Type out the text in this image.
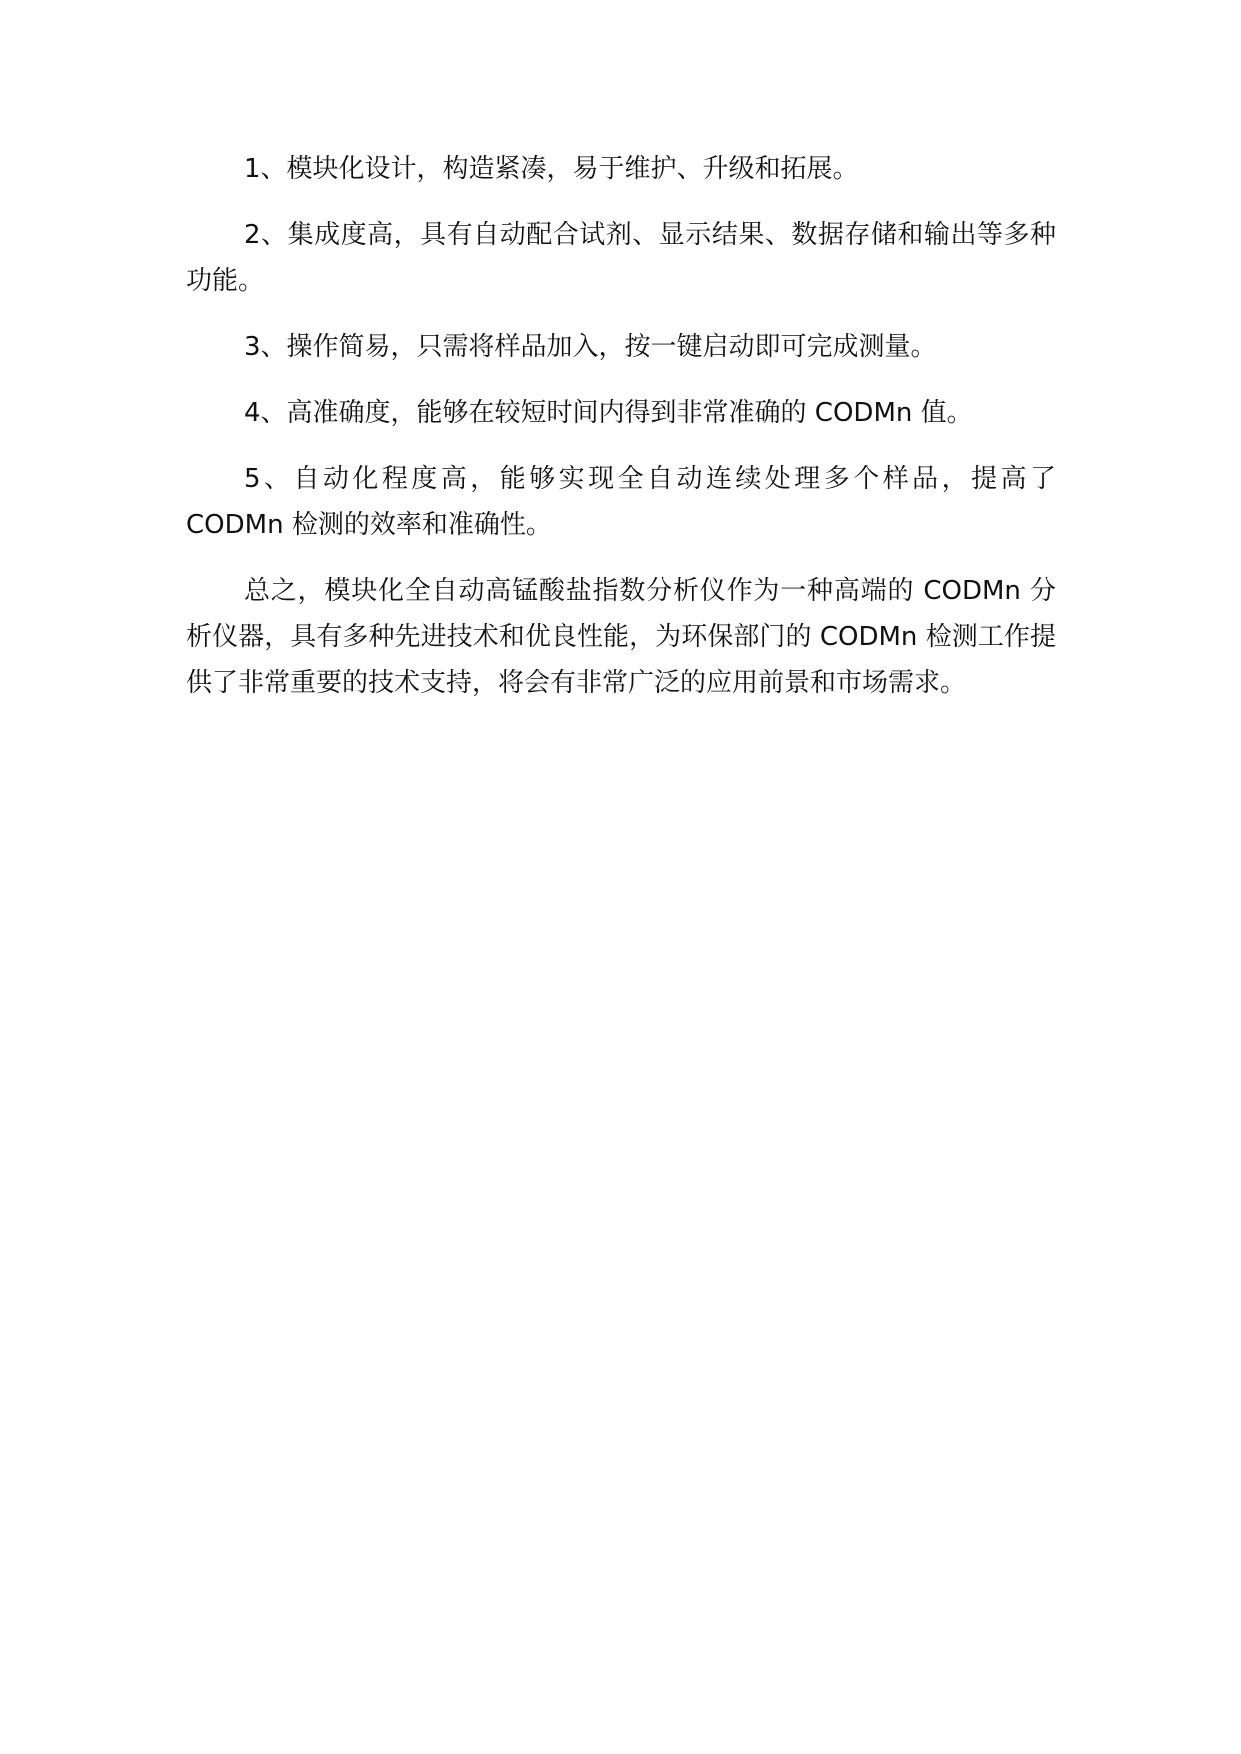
1、模块化设计，构造紧凑，易于维护、升级和拓展。

2、集成度高，具有自动配合试剂、显示结果、数据存储和输出等多种功能。

3、操作简易，只需将样品加入，按一键启动即可完成测量。

4、高准确度，能够在较短时间内得到非常准确的 CODMn 值。

5、自动化程度高，能够实现全自动连续处理多个样品，提高了 CODMn 检测的效率和准确性。

总之，模块化全自动高锰酸盐指数分析仪作为一种高端的 CODMn 分析仪器，具有多种先进技术和优良性能，为环保部门的 CODMn 检测工作提供了非常重要的技术支持，将会有非常广泛的应用前景和市场需求。
